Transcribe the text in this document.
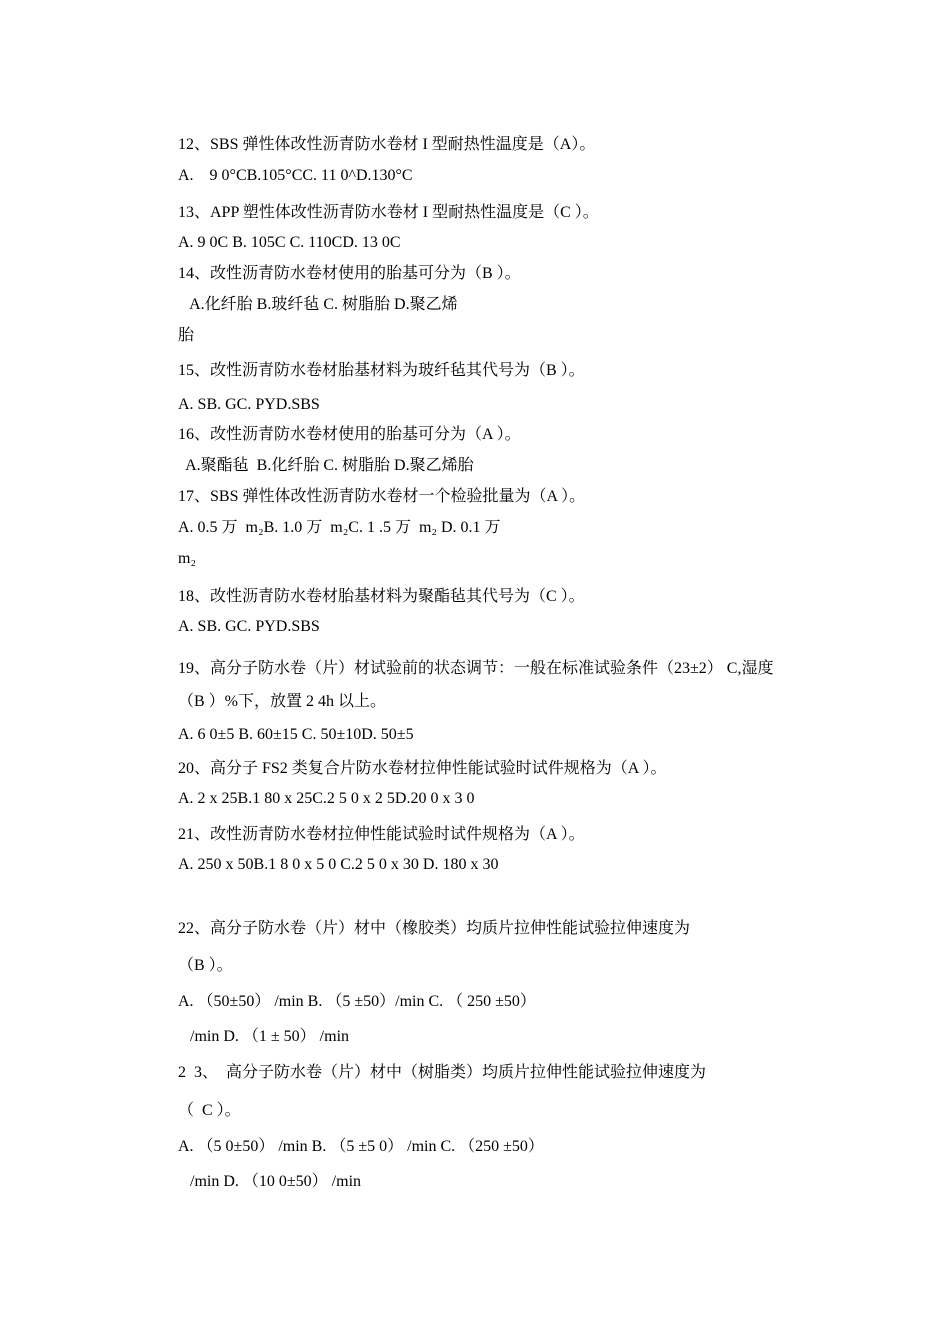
12、SBS 弹性体改性沥青防水卷材 I 型耐热性温度是（A）。
A.    9 0°CB.105°CC. 11 0^D.130°C
13、APP 塑性体改性沥青防水卷材 I 型耐热性温度是（C ）。
A. 9 0C B. 105C C. 110CD. 13 0C
14、改性沥青防水卷材使用的胎基可分为（B ）。
A.化纤胎 B.玻纤毡 C. 树脂胎 D.聚乙烯
胎
15、改性沥青防水卷材胎基材料为玻纤毡其代号为（B ）。
A. SB. GC. PYD.SBS
16、改性沥青防水卷材使用的胎基可分为（A ）。
A.聚酯毡  B.化纤胎 C. 树脂胎 D.聚乙烯胎
17、SBS 弹性体改性沥青防水卷材一个检验批量为（A ）。
A. 0.5 万  m₂B. 1.0 万  m₂C. 1 .5 万  m₂ D. 0.1 万
m₂
18、改性沥青防水卷材胎基材料为聚酯毡其代号为（C ）。
A. SB. GC. PYD.SBS
19、高分子防水卷（片）材试验前的状态调节：一般在标准试验条件（23±2） C,湿度
（B ）%下，放置 2 4h 以上。
A. 6 0±5 B. 60±15 C. 50±10D. 50±5
20、高分子 FS2 类复合片防水卷材拉伸性能试验时试件规格为（A ）。
A. 2 x 25B.1 80 x 25C.2 5 0 x 2 5D.20 0 x 3 0
21、改性沥青防水卷材拉伸性能试验时试件规格为（A ）。
A. 250 x 50B.1 8 0 x 5 0 C.2 5 0 x 30 D. 180 x 30
22、高分子防水卷（片）材中（橡胶类）均质片拉伸性能试验拉伸速度为
（B ）。
A. （50±50） /min B. （5 ±50）/min C. （ 250 ±50）
/min D. （1 ± 50） /min
2  3、  高分子防水卷（片）材中（树脂类）均质片拉伸性能试验拉伸速度为
（  C ）。
A. （5 0±50） /min B. （5 ±5 0） /min C. （250 ±50）
/min D. （10 0±50） /min
